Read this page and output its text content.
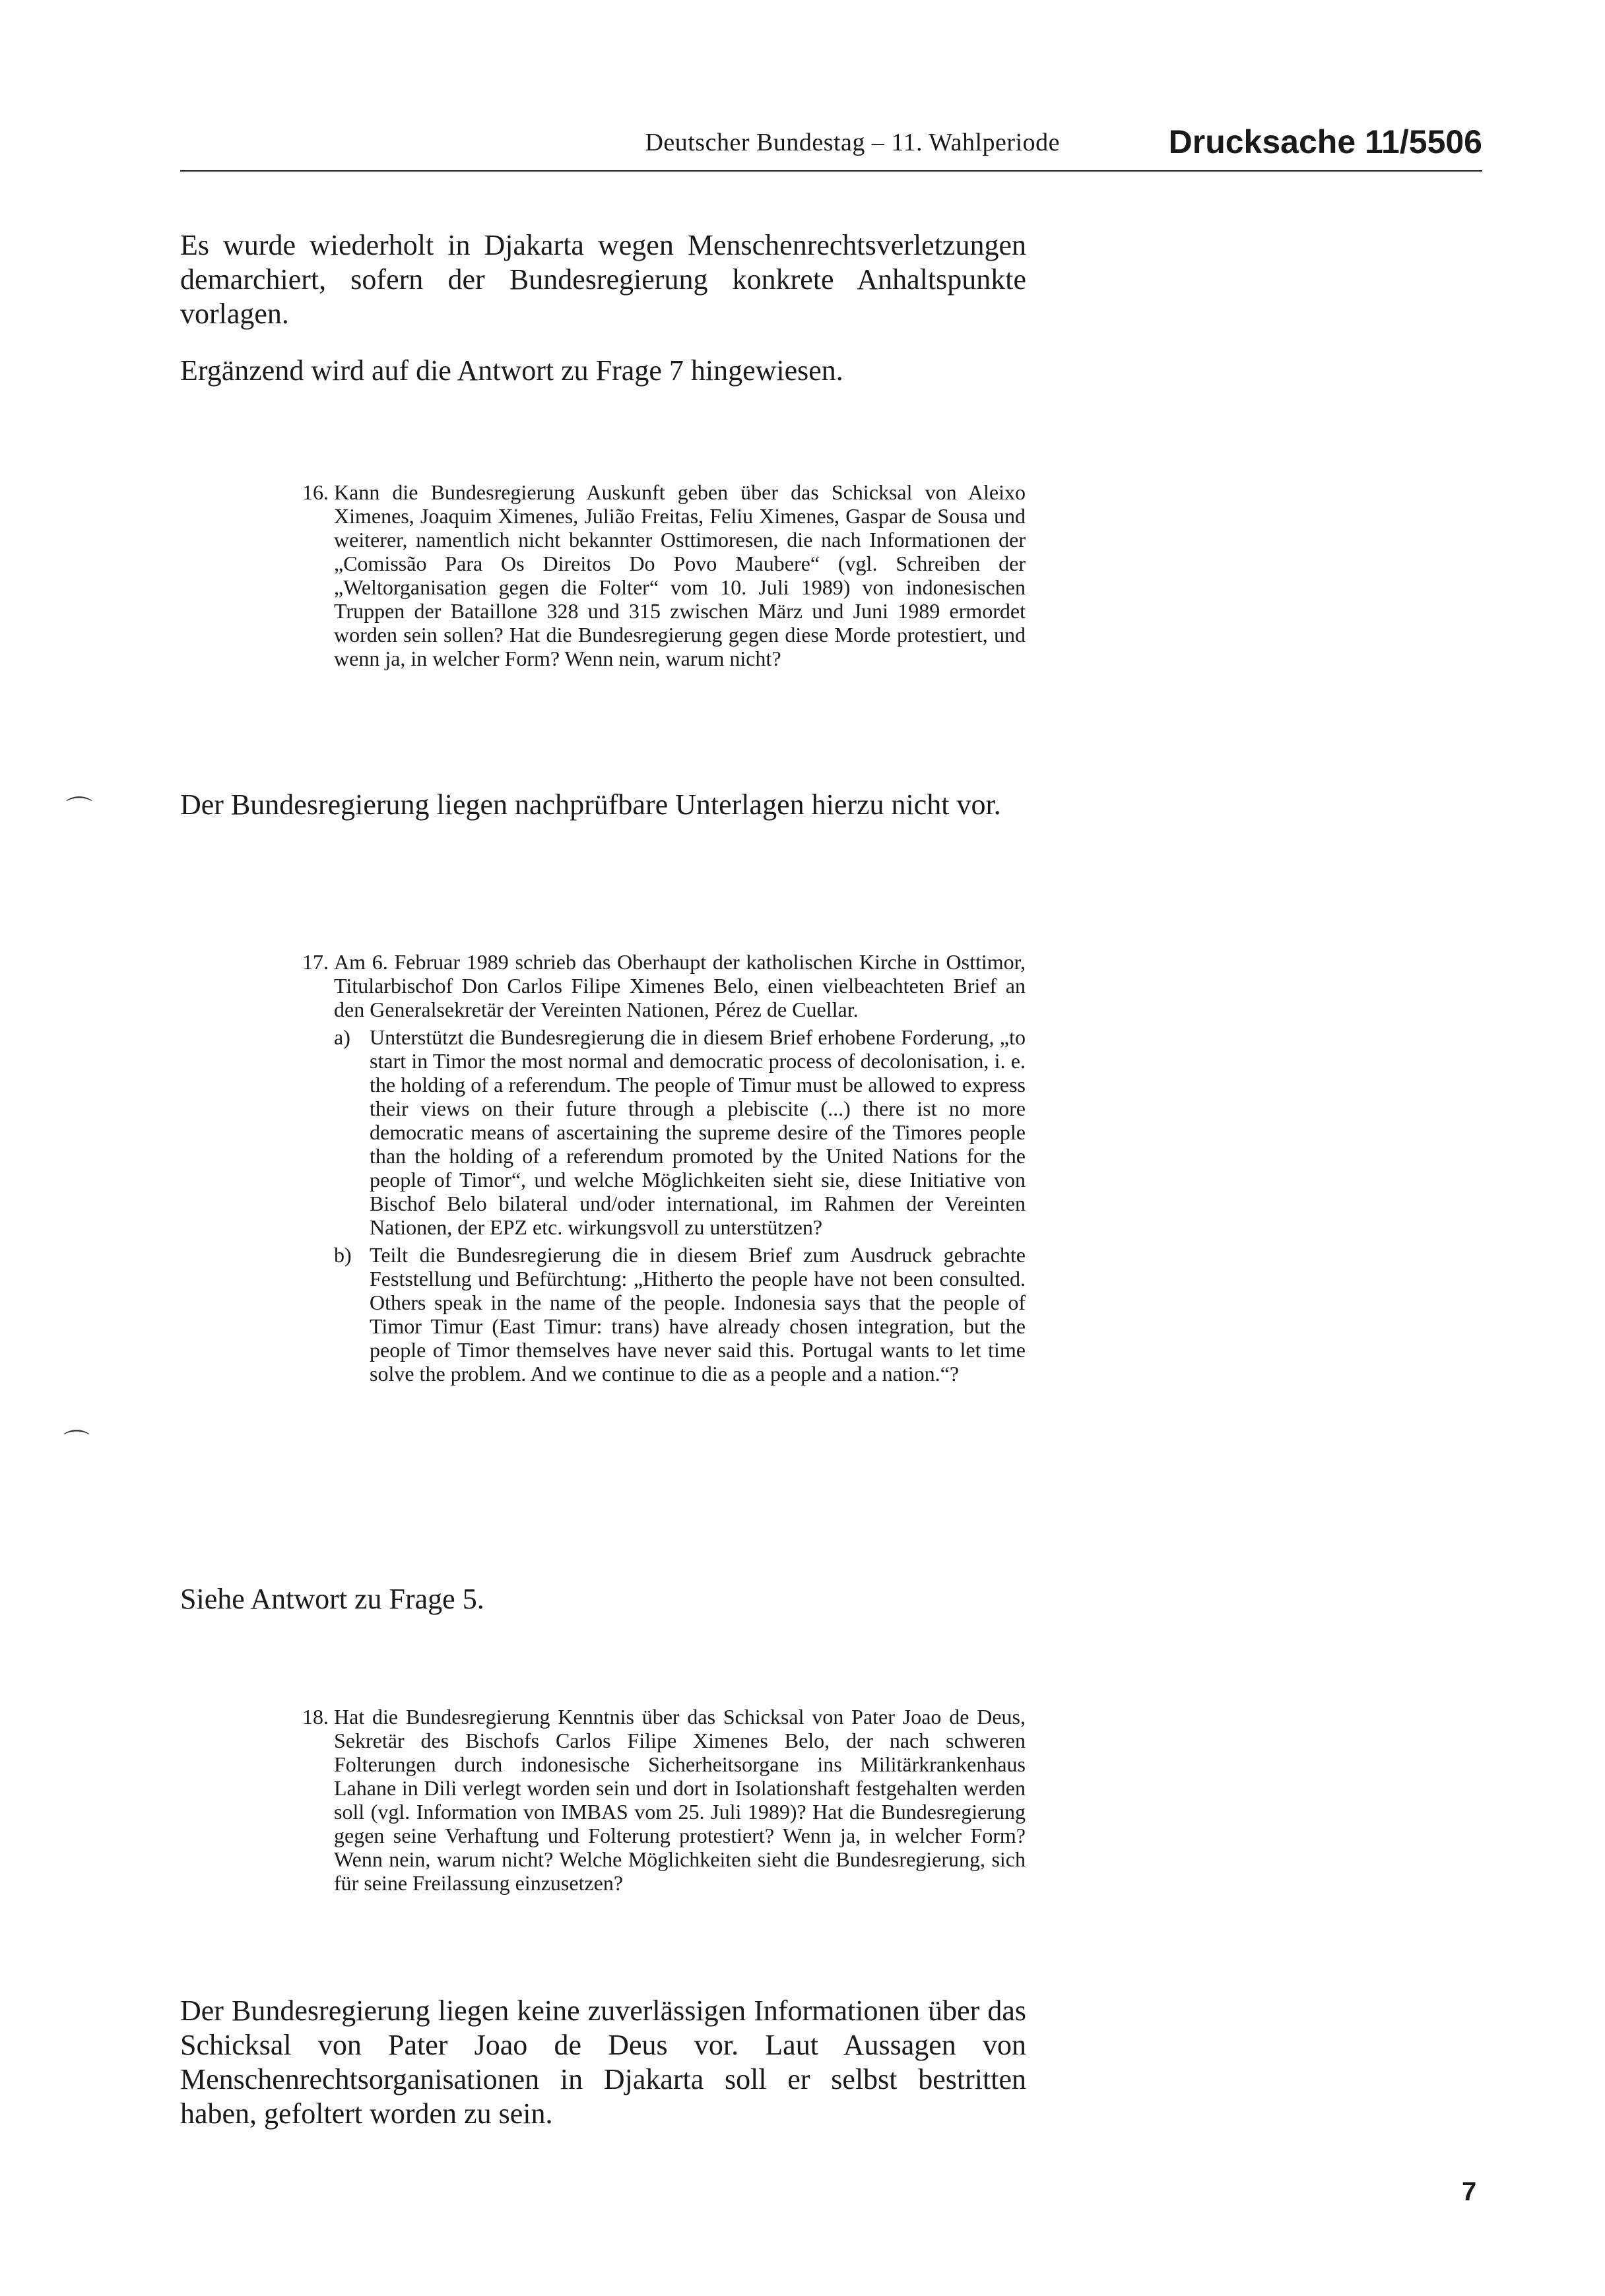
Deutscher Bundestag – 11. Wahlperiode	Drucksache 11/5506
Es wurde wiederholt in Djakarta wegen Menschenrechtsverletzungen demarchiert, sofern der Bundesregierung konkrete Anhaltspunkte vorlagen.
Ergänzend wird auf die Antwort zu Frage 7 hingewiesen.
16. Kann die Bundesregierung Auskunft geben über das Schicksal von Aleixo Ximenes, Joaquim Ximenes, Julião Freitas, Feliu Ximenes, Gaspar de Sousa und weiterer, namentlich nicht bekannter Osttimoresen, die nach Informationen der „Comissão Para Os Direitos Do Povo Maubere“ (vgl. Schreiben der „Weltorganisation gegen die Folter“ vom 10. Juli 1989) von indonesischen Truppen der Bataillone 328 und 315 zwischen März und Juni 1989 ermordet worden sein sollen? Hat die Bundesregierung gegen diese Morde protestiert, und wenn ja, in welcher Form? Wenn nein, warum nicht?
Der Bundesregierung liegen nachprüfbare Unterlagen hierzu nicht vor.
17. Am 6. Februar 1989 schrieb das Oberhaupt der katholischen Kirche in Osttimor, Titularbischof Don Carlos Filipe Ximenes Belo, einen vielbeachteten Brief an den Generalsekretär der Vereinten Nationen, Pérez de Cuellar.
a) Unterstützt die Bundesregierung die in diesem Brief erhobene Forderung, „to start in Timor the most normal and democratic process of decolonisation, i. e. the holding of a referendum. The people of Timur must be allowed to express their views on their future through a plebiscite (...) there ist no more democratic means of ascertaining the supreme desire of the Timores people than the holding of a referendum promoted by the United Nations for the people of Timor“, und welche Möglichkeiten sieht sie, diese Initiative von Bischof Belo bilateral und/oder international, im Rahmen der Vereinten Nationen, der EPZ etc. wirkungsvoll zu unterstützen?
b) Teilt die Bundesregierung die in diesem Brief zum Ausdruck gebrachte Feststellung und Befürchtung: „Hitherto the people have not been consulted. Others speak in the name of the people. Indonesia says that the people of Timor Timur (East Timur: trans) have already chosen integration, but the people of Timor themselves have never said this. Portugal wants to let time solve the problem. And we continue to die as a people and a nation.“?
Siehe Antwort zu Frage 5.
18. Hat die Bundesregierung Kenntnis über das Schicksal von Pater Joao de Deus, Sekretär des Bischofs Carlos Filipe Ximenes Belo, der nach schweren Folterungen durch indonesische Sicherheitsorgane ins Militärkrankenhaus Lahane in Dili verlegt worden sein und dort in Isolationshaft festgehalten werden soll (vgl. Information von IMBAS vom 25. Juli 1989)? Hat die Bundesregierung gegen seine Verhaftung und Folterung protestiert? Wenn ja, in welcher Form? Wenn nein, warum nicht? Welche Möglichkeiten sieht die Bundesregierung, sich für seine Freilassung einzusetzen?
Der Bundesregierung liegen keine zuverlässigen Informationen über das Schicksal von Pater Joao de Deus vor. Laut Aussagen von Menschenrechtsorganisationen in Djakarta soll er selbst bestritten haben, gefoltert worden zu sein.
7
⌒
⌒
